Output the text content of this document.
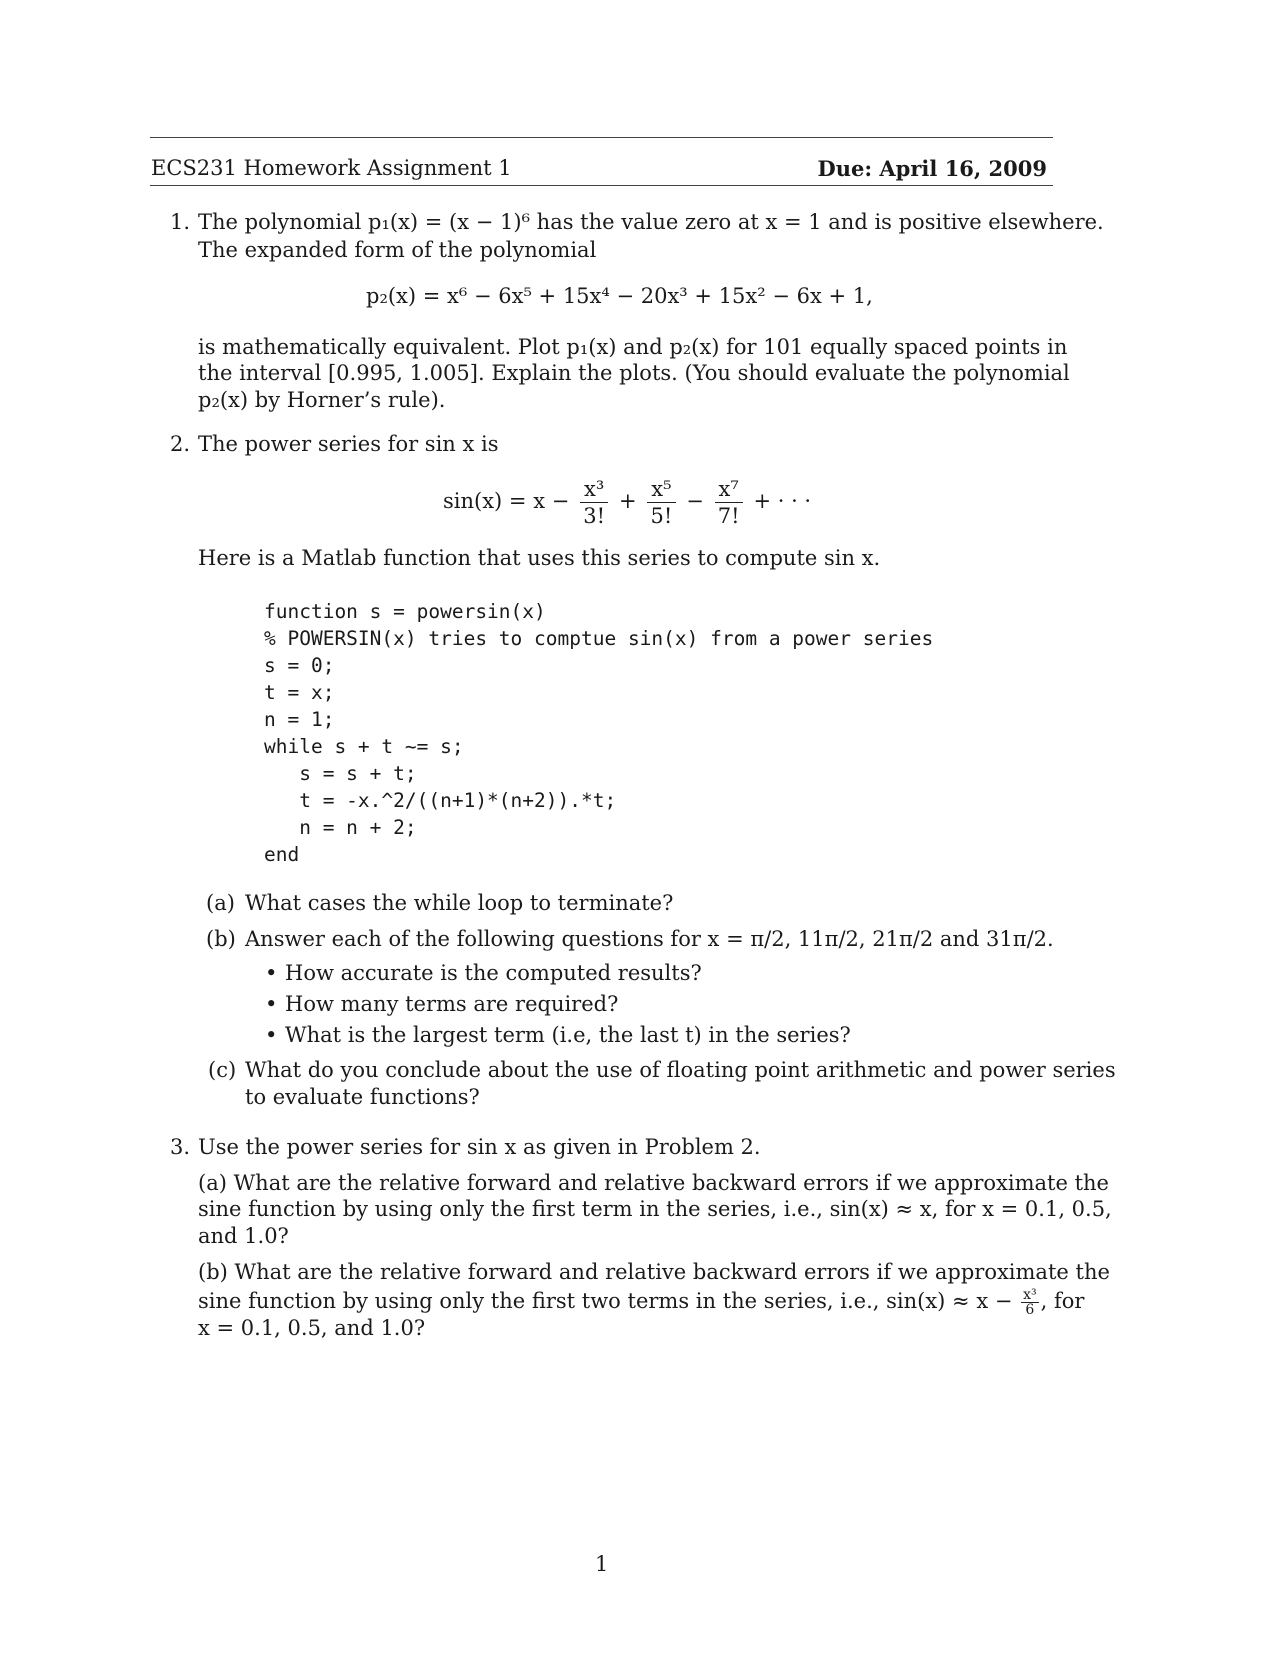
ECS231 Homework Assignment 1	Due: April 16, 2009
1. The polynomial p₁(x) = (x − 1)⁶ has the value zero at x = 1 and is positive elsewhere.
The expanded form of the polynomial
p₂(x) = x⁶ − 6x⁵ + 15x⁴ − 20x³ + 15x² − 6x + 1,
is mathematically equivalent. Plot p₁(x) and p₂(x) for 101 equally spaced points in
the interval [0.995, 1.005]. Explain the plots. (You should evaluate the polynomial
p₂(x) by Horner’s rule).
2. The power series for sin x is
$\sin(x) = x - \frac{\text{x³}}{3!} + \frac{\text{x⁵}}{5!} - \frac{\text{x⁷}}{7!}$ + · · ·
Here is a Matlab function that uses this series to compute sin x.
function s = powersin(x)
% POWERSIN(x) tries to comptue sin(x) from a power series
s = 0;
t = x;
n = 1;
while s + t ~= s;
s = s + t;
t = -x.^2/((n+1)*(n+2)).*t;
n = n + 2;
end
(a) What cases the while loop to terminate?
(b) Answer each of the following questions for x = π/2, 11π/2, 21π/2 and 31π/2.
• How accurate is the computed results?
• How many terms are required?
• What is the largest term (i.e, the last t) in the series?
(c) What do you conclude about the use of floating point arithmetic and power series
to evaluate functions?
3. Use the power series for sin x as given in Problem 2.
(a) What are the relative forward and relative backward errors if we approximate the
sine function by using only the first term in the series, i.e., sin(x) ≈ x, for x = 0.1, 0.5,
and 1.0?
(b) What are the relative forward and relative backward errors if we approximate the
sine function by using only the first two terms in the series, i.e., $\sin(x) \approx x - \frac{\text{x³}}{6}$ , for
x = 0.1, 0.5, and 1.0?
1
